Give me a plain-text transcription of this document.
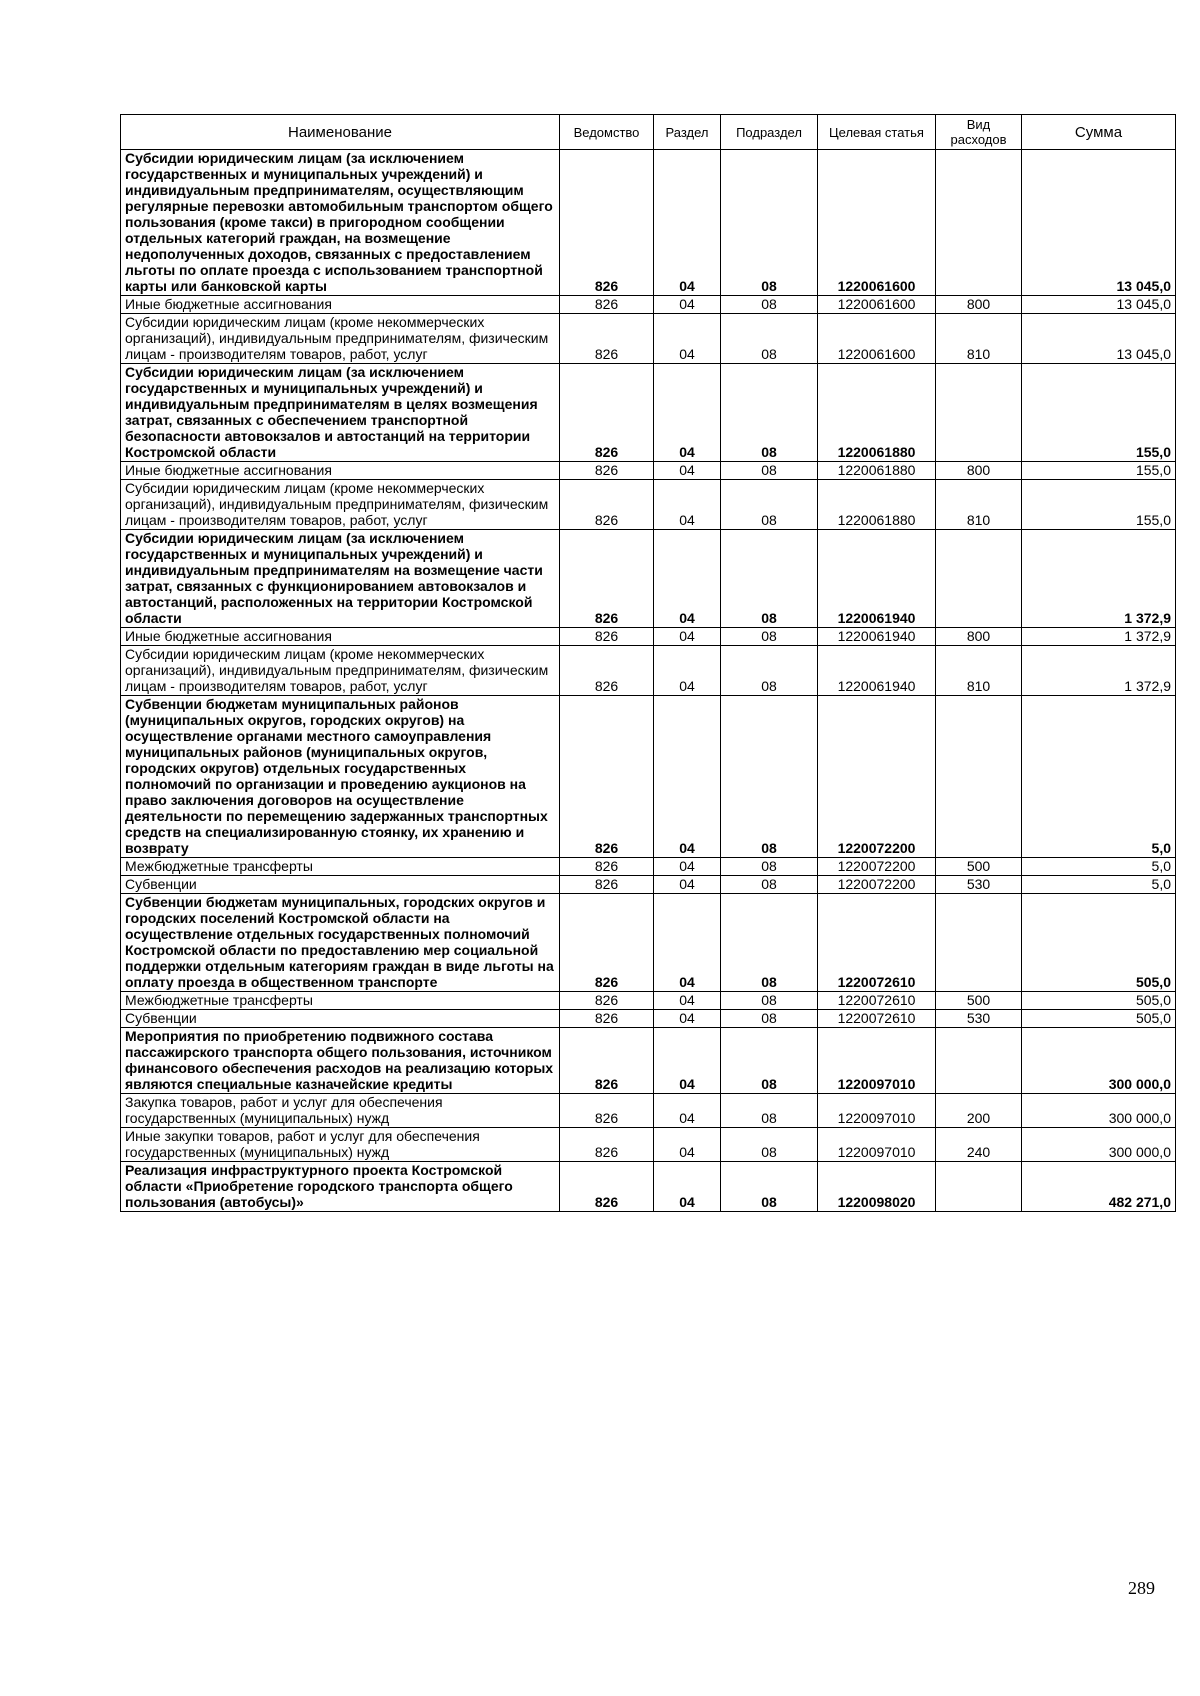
Наименование	Ведомство	Раздел	Подраздел	Целевая статья	Вид расходов	Сумма
Субсидии юридическим лицам (за исключением государственных и муниципальных учреждений) и индивидуальным предпринимателям, осуществляющим регулярные перевозки автомобильным транспортом общего пользования (кроме такси) в пригородном сообщении отдельных категорий граждан, на возмещение недополученных доходов, связанных с предоставлением льготы по оплате проезда с использованием транспортной карты или банковской карты	826	04	08	1220061600		13 045,0
Иные бюджетные ассигнования	826	04	08	1220061600	800	13 045,0
Субсидии юридическим лицам (кроме некоммерческих организаций), индивидуальным предпринимателям, физическим лицам - производителям товаров, работ, услуг	826	04	08	1220061600	810	13 045,0
Субсидии юридическим лицам (за исключением государственных и муниципальных учреждений) и индивидуальным предпринимателям в целях возмещения затрат, связанных с обеспечением транспортной безопасности автовокзалов и автостанций на территории Костромской области	826	04	08	1220061880		155,0
Иные бюджетные ассигнования	826	04	08	1220061880	800	155,0
Субсидии юридическим лицам (кроме некоммерческих организаций), индивидуальным предпринимателям, физическим лицам - производителям товаров, работ, услуг	826	04	08	1220061880	810	155,0
Субсидии юридическим лицам (за исключением государственных и муниципальных учреждений) и индивидуальным предпринимателям на возмещение части затрат, связанных с функционированием автовокзалов и автостанций, расположенных на территории Костромской области	826	04	08	1220061940		1 372,9
Иные бюджетные ассигнования	826	04	08	1220061940	800	1 372,9
Субсидии юридическим лицам (кроме некоммерческих организаций), индивидуальным предпринимателям, физическим лицам - производителям товаров, работ, услуг	826	04	08	1220061940	810	1 372,9
Субвенции бюджетам муниципальных районов (муниципальных округов, городских округов) на осуществление органами местного самоуправления муниципальных районов (муниципальных округов, городских округов) отдельных государственных полномочий по организации и проведению аукционов на право заключения договоров на осуществление деятельности по перемещению задержанных транспортных средств на специализированную стоянку, их хранению и возврату	826	04	08	1220072200		5,0
Межбюджетные трансферты	826	04	08	1220072200	500	5,0
Субвенции	826	04	08	1220072200	530	5,0
Субвенции бюджетам муниципальных, городских округов и городских поселений Костромской области на осуществление отдельных государственных полномочий Костромской области по предоставлению мер социальной поддержки отдельным категориям граждан в виде льготы на оплату проезда в общественном транспорте	826	04	08	1220072610		505,0
Межбюджетные трансферты	826	04	08	1220072610	500	505,0
Субвенции	826	04	08	1220072610	530	505,0
Мероприятия по приобретению подвижного состава пассажирского транспорта общего пользования, источником финансового обеспечения расходов на реализацию которых являются специальные казначейские кредиты	826	04	08	1220097010		300 000,0
Закупка товаров, работ и услуг для обеспечения государственных (муниципальных) нужд	826	04	08	1220097010	200	300 000,0
Иные закупки товаров, работ и услуг для обеспечения государственных (муниципальных) нужд	826	04	08	1220097010	240	300 000,0
Реализация инфраструктурного проекта Костромской области «Приобретение городского транспорта общего пользования (автобусы)»	826	04	08	1220098020		482 271,0
289
